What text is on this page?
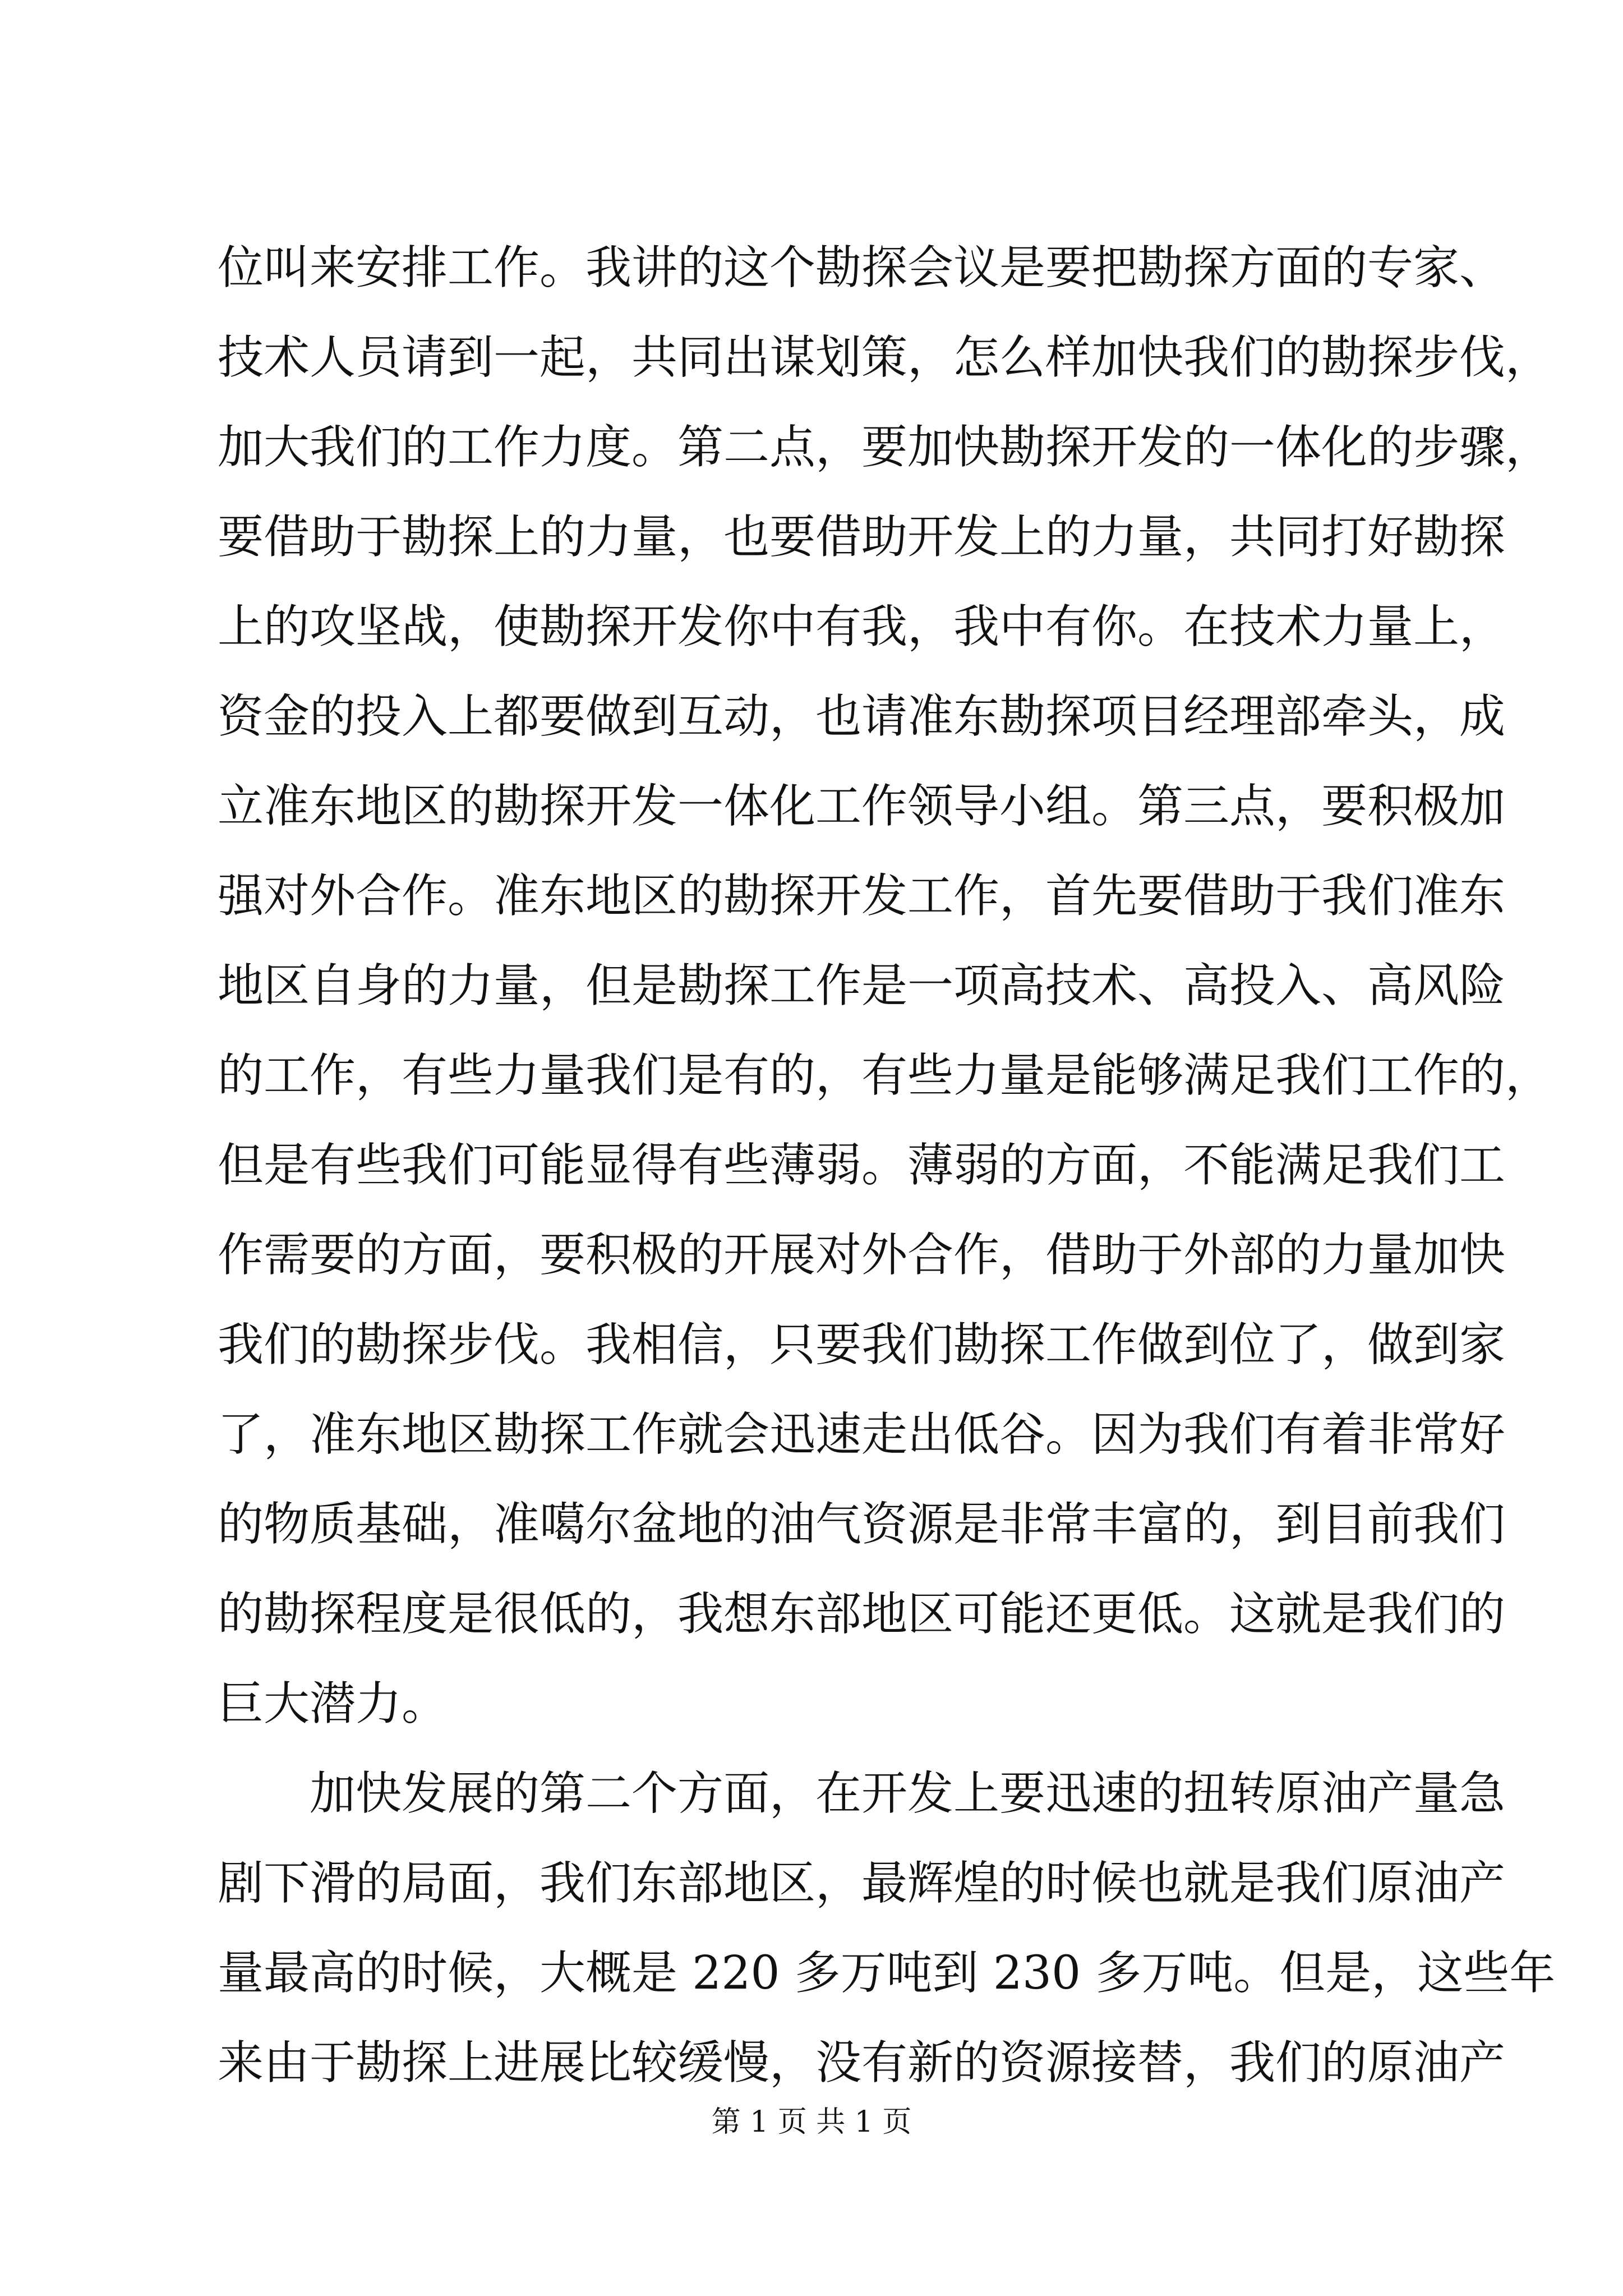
位叫来安排工作。我讲的这个勘探会议是要把勘探方面的专家、
技术人员请到一起，共同出谋划策，怎么样加快我们的勘探步伐，
加大我们的工作力度。第二点，要加快勘探开发的一体化的步骤，
要借助于勘探上的力量，也要借助开发上的力量，共同打好勘探
上的攻坚战，使勘探开发你中有我，我中有你。在技术力量上，
资金的投入上都要做到互动，也请准东勘探项目经理部牵头，成
立准东地区的勘探开发一体化工作领导小组。第三点，要积极加
强对外合作。准东地区的勘探开发工作，首先要借助于我们准东
地区自身的力量，但是勘探工作是一项高技术、高投入、高风险
的工作，有些力量我们是有的，有些力量是能够满足我们工作的，
但是有些我们可能显得有些薄弱。薄弱的方面，不能满足我们工
作需要的方面，要积极的开展对外合作，借助于外部的力量加快
我们的勘探步伐。我相信，只要我们勘探工作做到位了，做到家
了，准东地区勘探工作就会迅速走出低谷。因为我们有着非常好
的物质基础，准噶尔盆地的油气资源是非常丰富的，到目前我们
的勘探程度是很低的，我想东部地区可能还更低。这就是我们的
巨大潜力。
加快发展的第二个方面，在开发上要迅速的扭转原油产量急
剧下滑的局面，我们东部地区，最辉煌的时候也就是我们原油产
量最高的时候，大概是 220 多万吨到 230 多万吨。但是，这些年
来由于勘探上进展比较缓慢，没有新的资源接替，我们的原油产
第 1 页 共 1 页
